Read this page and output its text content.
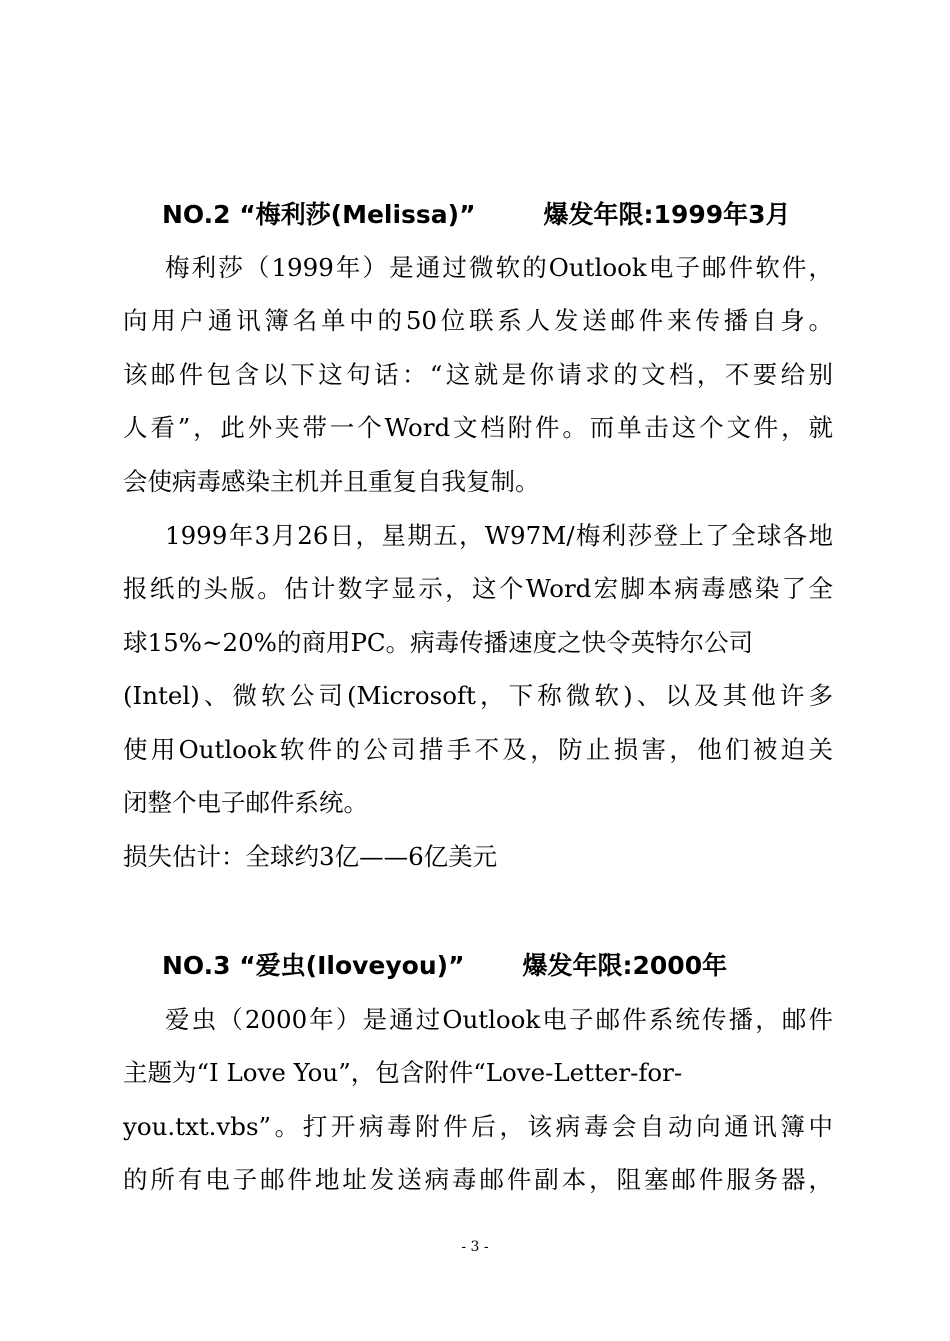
NO.2 “梅利莎(Melissa)”	爆发年限:1999年3月
梅利莎（1999年）是通过微软的Outlook电子邮件软件，
向用户通讯簿名单中的50位联系人发送邮件来传播自身。
该邮件包含以下这句话：“这就是你请求的文档，不要给别
人看”，此外夹带一个Word文档附件。而单击这个文件，就
会使病毒感染主机并且重复自我复制。
1999年3月26日，星期五，W97M/梅利莎登上了全球各地
报纸的头版。估计数字显示，这个Word宏脚本病毒感染了全
球15%~20%的商用PC。病毒传播速度之快令英特尔公司
(Intel)、微软公司(Microsoft，下称微软)、以及其他许多
使用Outlook软件的公司措手不及，防止损害，他们被迫关
闭整个电子邮件系统。
损失估计：全球约3亿——6亿美元
NO.3 “爱虫(Iloveyou)” 爆发年限:2000年
爱虫（2000年）是通过Outlook电子邮件系统传播，邮件
主题为“I Love You”，包含附件“Love-Letter-for-
you.txt.vbs”。打开病毒附件后，该病毒会自动向通讯簿中
的所有电子邮件地址发送病毒邮件副本，阻塞邮件服务器，
- 3 -
